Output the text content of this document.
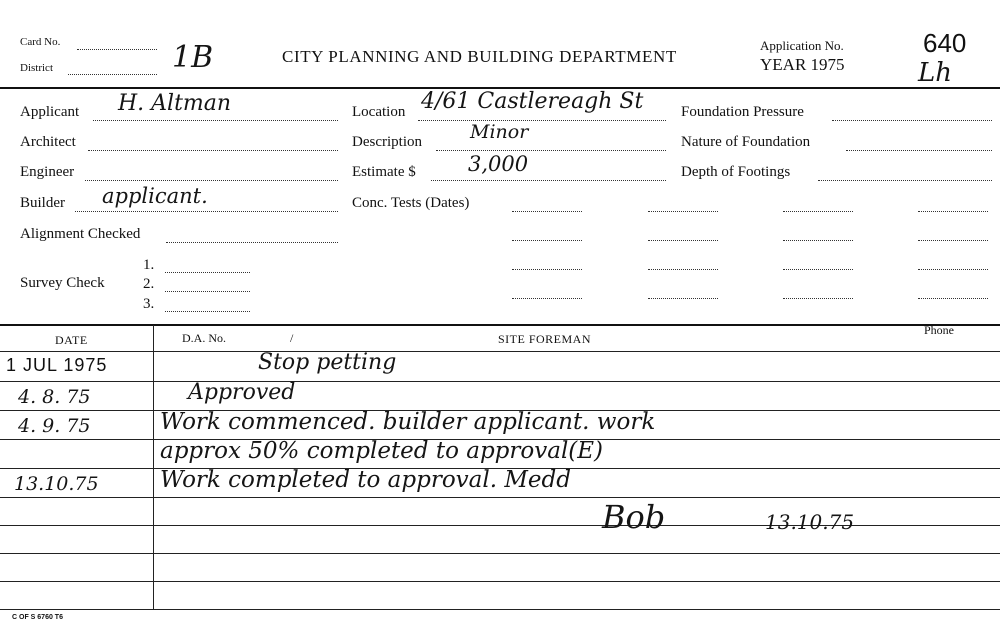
Card No.
District	1B	CITY PLANNING AND BUILDING DEPARTMENT
Application No.
YEAR 1975
640
Lh
Applicant H. Altman
Architect
Engineer
Builder applicant.
Alignment Checked
Survey Check
1.
2.
3.
Location 4/61 Castlereagh St
Description	Minor
Estimate $ 3,000
Conc. Tests (Dates)
Foundation Pressure
Nature of Foundation
Depth of Footings
DATE	D.A. No.	/	SITE FOREMAN
Phone
1 JUL 1975	Stop petting
4. 8. 75	Approved
4. 9. 75	Work commenced. builder applicant. work
approx 50% completed to approval(E)
13.10.75	Work completed to approval. Medd
Bob	13.10.75
C OF S 6760 T6
